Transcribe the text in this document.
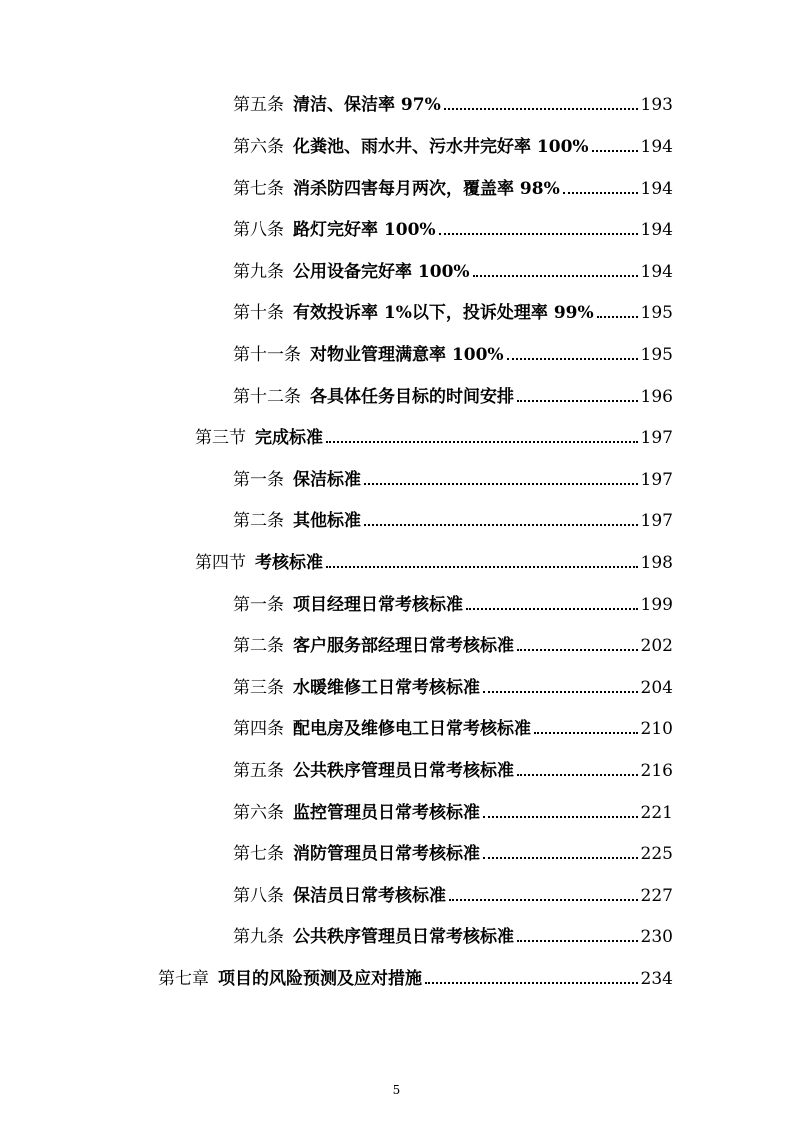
第五条 清洁、保洁率 97%	193
第六条 化粪池、雨水井、污水井完好率 100%	194
第七条 消杀防四害每月两次，覆盖率 98%	194
第八条 路灯完好率 100%	194
第九条 公用设备完好率 100%	194
第十条 有效投诉率 1%以下，投诉处理率 99%	195
第十一条 对物业管理满意率 100%	195
第十二条 各具体任务目标的时间安排	196
第三节 完成标准	197
第一条 保洁标准	197
第二条 其他标准	197
第四节 考核标准	198
第一条 项目经理日常考核标准	199
第二条 客户服务部经理日常考核标准	202
第三条 水暖维修工日常考核标准	204
第四条 配电房及维修电工日常考核标准	210
第五条 公共秩序管理员日常考核标准	216
第六条 监控管理员日常考核标准	221
第七条 消防管理员日常考核标准	225
第八条 保洁员日常考核标准	227
第九条 公共秩序管理员日常考核标准	230
第七章 项目的风险预测及应对措施	234
5
